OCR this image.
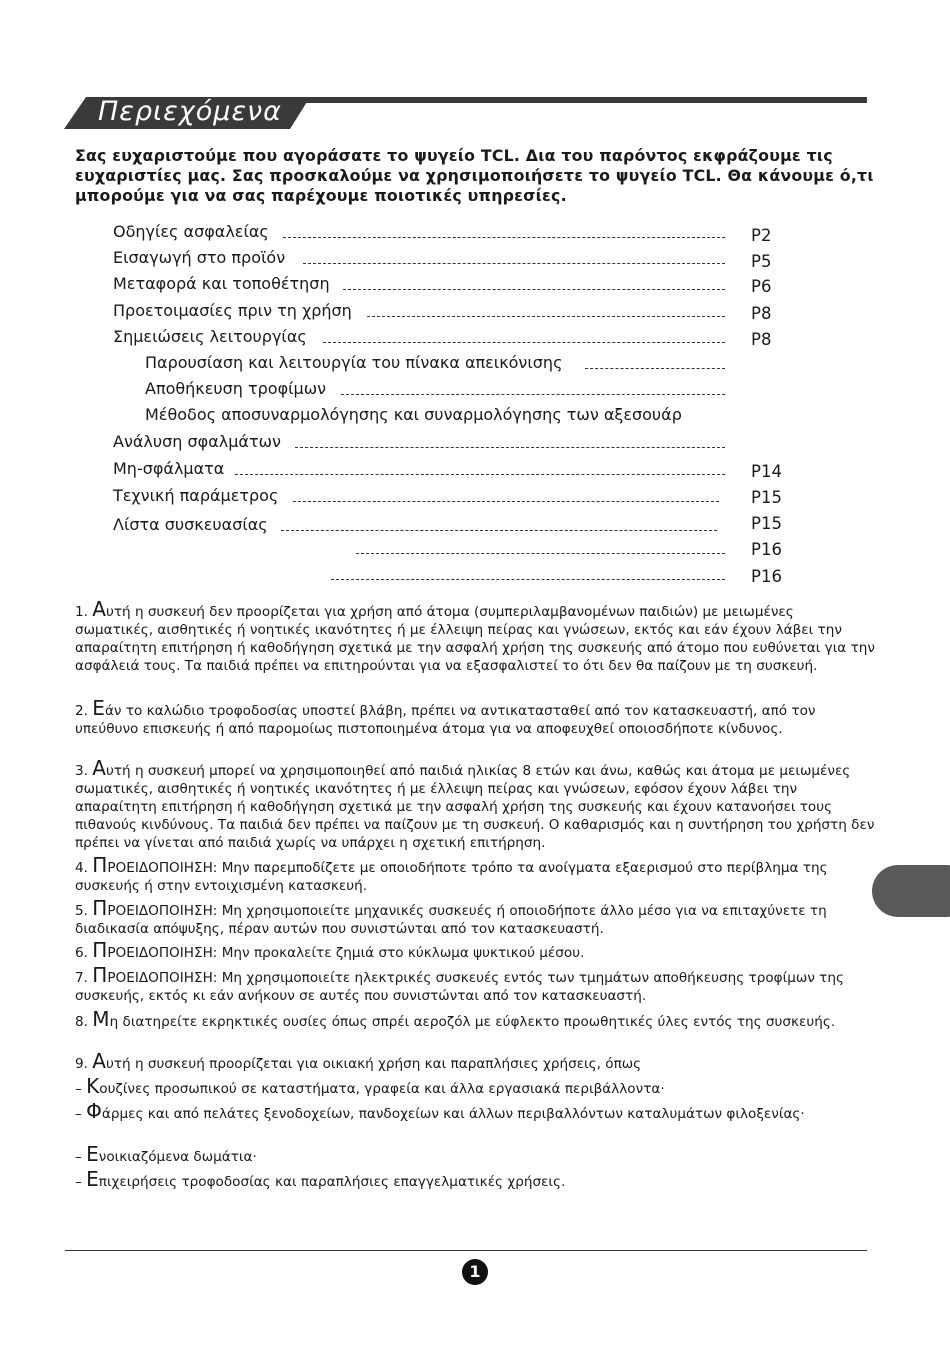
Περιεχόμενα
Σας ευχαριστούμε που αγοράσατε το ψυγείο TCL. Δια του παρόντος εκφράζουμε τις ευχαριστίες μας. Σας προσκαλούμε να χρησιμοποιήσετε το ψυγείο TCL. Θα κάνουμε ό,τι μπορούμε για να σας παρέχουμε ποιοτικές υπηρεσίες.
Οδηγίες ασφαλείας
Εισαγωγή στο προϊόν
Μεταφορά και τοποθέτηση
Προετοιμασίες πριν τη χρήση
Σημειώσεις λειτουργίας
Παρουσίαση και λειτουργία του πίνακα απεικόνισης
Αποθήκευση τροφίμων
Μέθοδος αποσυναρμολόγησης και συναρμολόγησης των αξεσουάρ
Ανάλυση σφαλμάτων
Μη-σφάλματα
Τεχνική παράμετρος
Λίστα συσκευασίας
P2
P5
P6
P8
P8
P14
P15
P15
P16
P16
1. Αυτή η συσκευή δεν προορίζεται για χρήση από άτομα (συμπεριλαμβανομένων παιδιών) με μειωμένες σωματικές, αισθητικές ή νοητικές ικανότητες ή με έλλειψη πείρας και γνώσεων, εκτός και εάν έχουν λάβει την απαραίτητη επιτήρηση ή καθοδήγηση σχετικά με την ασφαλή χρήση της συσκευής από άτομο που ευθύνεται για την ασφάλειά τους. Τα παιδιά πρέπει να επιτηρούνται για να εξασφαλιστεί το ότι δεν θα παίζουν με τη συσκευή.
2. Εάν το καλώδιο τροφοδοσίας υποστεί βλάβη, πρέπει να αντικατασταθεί από τον κατασκευαστή, από τον υπεύθυνο επισκευής ή από παρομοίως πιστοποιημένα άτομα για να αποφευχθεί οποιοσδήποτε κίνδυνος.
3. Αυτή η συσκευή μπορεί να χρησιμοποιηθεί από παιδιά ηλικίας 8 ετών και άνω, καθώς και άτομα με μειωμένες σωματικές, αισθητικές ή νοητικές ικανότητες ή με έλλειψη πείρας και γνώσεων, εφόσον έχουν λάβει την απαραίτητη επιτήρηση ή καθοδήγηση σχετικά με την ασφαλή χρήση της συσκευής και έχουν κατανοήσει τους πιθανούς κινδύνους. Τα παιδιά δεν πρέπει να παίζουν με τη συσκευή. Ο καθαρισμός και η συντήρηση του χρήστη δεν πρέπει να γίνεται από παιδιά χωρίς να υπάρχει η σχετική επιτήρηση.
4. ΠΡΟΕΙΔΟΠΟΙΗΣΗ: Μην παρεμποδίζετε με οποιοδήποτε τρόπο τα ανοίγματα εξαερισμού στο περίβλημα της συσκευής ή στην εντοιχισμένη κατασκευή.
5. ΠΡΟΕΙΔΟΠΟΙΗΣΗ: Μη χρησιμοποιείτε μηχανικές συσκευές ή οποιοδήποτε άλλο μέσο για να επιταχύνετε τη διαδικασία απόψυξης, πέραν αυτών που συνιστώνται από τον κατασκευαστή.
6. ΠΡΟΕΙΔΟΠΟΙΗΣΗ: Μην προκαλείτε ζημιά στο κύκλωμα ψυκτικού μέσου.
7. ΠΡΟΕΙΔΟΠΟΙΗΣΗ: Μη χρησιμοποιείτε ηλεκτρικές συσκευές εντός των τμημάτων αποθήκευσης τροφίμων της συσκευής, εκτός κι εάν ανήκουν σε αυτές που συνιστώνται από τον κατασκευαστή.
8. Μη διατηρείτε εκρηκτικές ουσίες όπως σπρέι αεροζόλ με εύφλεκτο προωθητικές ύλες εντός της συσκευής.
9. Αυτή η συσκευή προορίζεται για οικιακή χρήση και παραπλήσιες χρήσεις, όπως
– Κουζίνες προσωπικού σε καταστήματα, γραφεία και άλλα εργασιακά περιβάλλοντα·
– Φάρμες και από πελάτες ξενοδοχείων, πανδοχείων και άλλων περιβαλλόντων καταλυμάτων φιλοξενίας·
– Ενοικιαζόμενα δωμάτια·
– Επιχειρήσεις τροφοδοσίας και παραπλήσιες επαγγελματικές χρήσεις.
1
